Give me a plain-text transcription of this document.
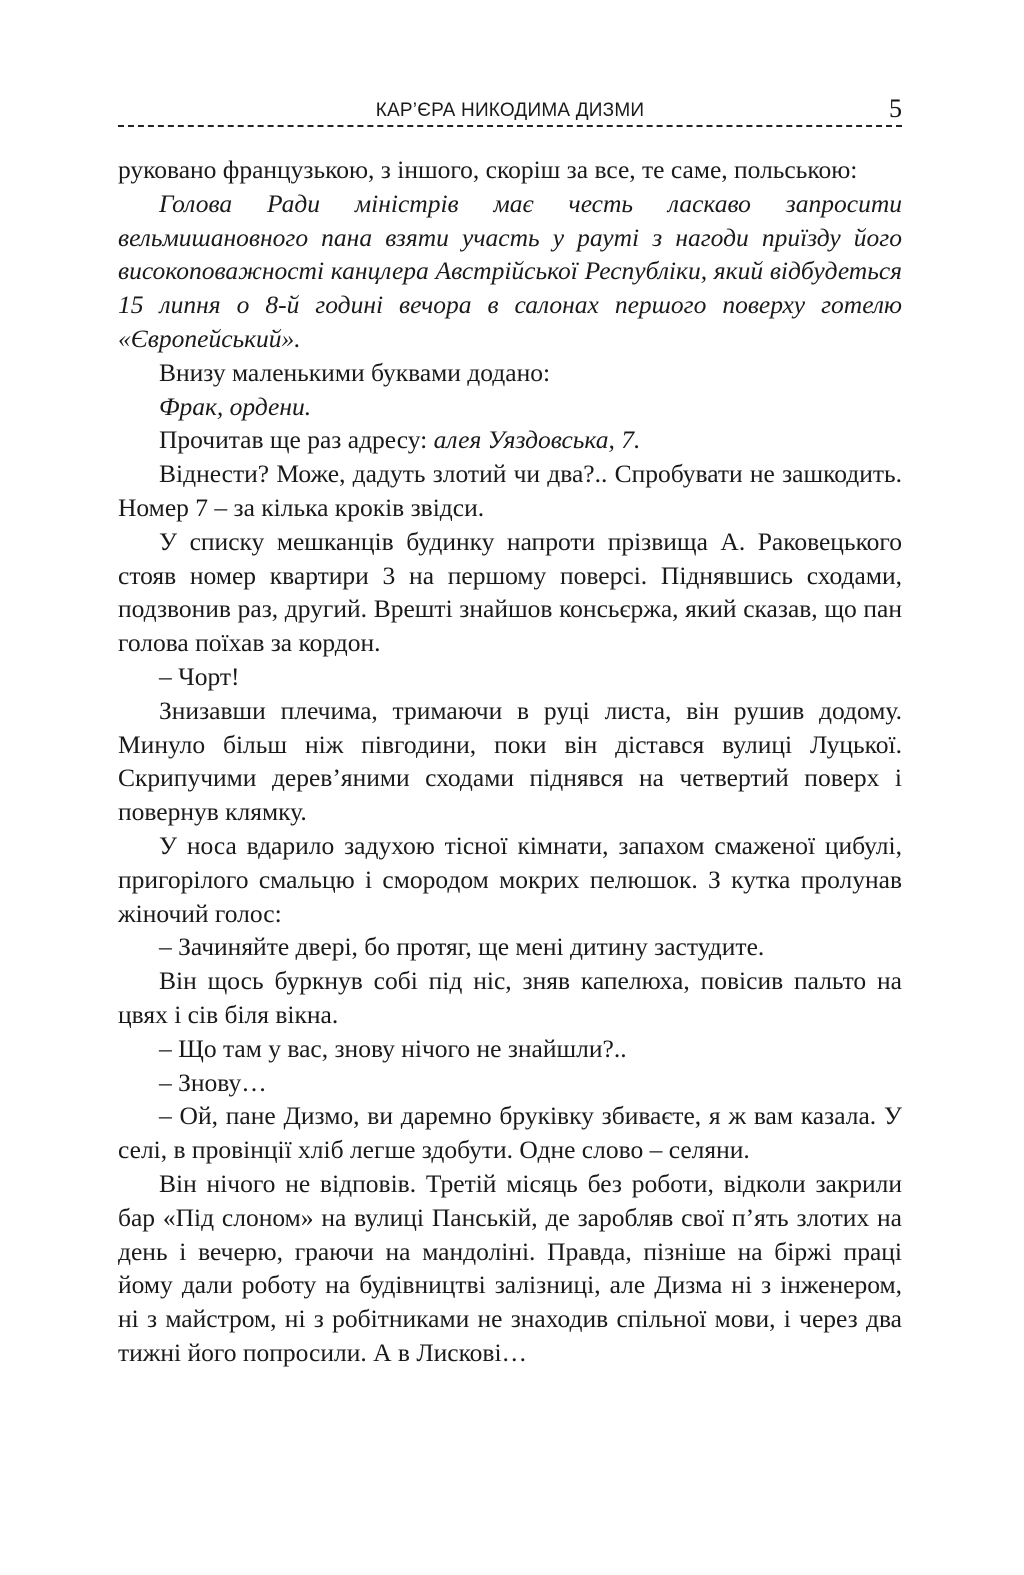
КАР’ЄРА НИКОДИМА ДИЗМИ	5

руковано французькою, з іншого, скоріш за все, те саме, польською:

Голова Ради міністрів має честь ласкаво запросити вельмишановного пана взяти участь у рауті з нагоди приїзду його високоповажності канцлера Австрійської Республіки, який відбудеться 15 липня о 8-й годині вечора в салонах першого поверху готелю «Європейський».

Внизу маленькими буквами додано:

Фрак, ордени.

Прочитав ще раз адресу: алея Уяздовська, 7.

Віднести? Може, дадуть злотий чи два?.. Спробувати не зашкодить. Номер 7 – за кілька кроків звідси.

У списку мешканців будинку напроти прізвища А. Раковецького стояв номер квартири 3 на першому поверсі. Піднявшись сходами, подзвонив раз, другий. Врешті знайшов консьєржа, який сказав, що пан голова поїхав за кордон.

– Чорт!

Знизавши плечима, тримаючи в руці листа, він рушив додому. Минуло більш ніж півгодини, поки він дістався вулиці Луцької. Скрипучими дерев’яними сходами піднявся на четвертий поверх і повернув клямку.

У носа вдарило задухою тісної кімнати, запахом смаженої цибулі, пригорілого смальцю і смородом мокрих пелюшок. З кутка пролунав жіночий голос:

– Зачиняйте двері, бо протяг, ще мені дитину застудите.

Він щось буркнув собі під ніс, зняв капелюха, повісив пальто на цвях і сів біля вікна.

– Що там у вас, знову нічого не знайшли?..

– Знову…

– Ой, пане Дизмо, ви даремно бруківку збиваєте, я ж вам казала. У селі, в провінції хліб легше здобути. Одне слово – селяни.

Він нічого не відповів. Третій місяць без роботи, відколи закрили бар «Під слоном» на вулиці Панській, де заробляв свої п’ять злотих на день і вечерю, граючи на мандоліні. Правда, пізніше на біржі праці йому дали роботу на будівництві залізниці, але Дизма ні з інженером, ні з майстром, ні з робітниками не знаходив спільної мови, і через два тижні його попросили. А в Лискові…
